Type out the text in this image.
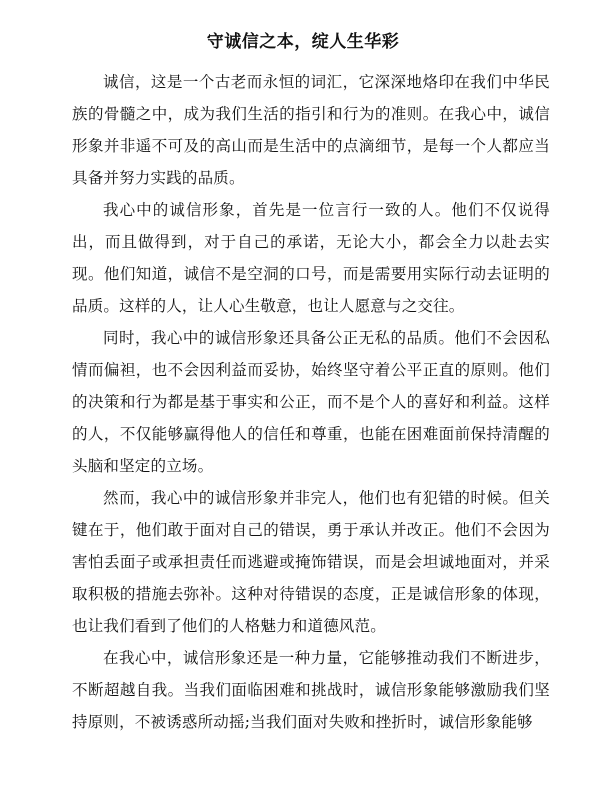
守诚信之本，绽人生华彩

诚信，这是一个古老而永恒的词汇，它深深地烙印在我们中华民族的骨髓之中，成为我们生活的指引和行为的准则。在我心中，诚信形象并非遥不可及的高山而是生活中的点滴细节，是每一个人都应当具备并努力实践的品质。

我心中的诚信形象，首先是一位言行一致的人。他们不仅说得出，而且做得到，对于自己的承诺，无论大小，都会全力以赴去实现。他们知道，诚信不是空洞的口号，而是需要用实际行动去证明的品质。这样的人，让人心生敬意，也让人愿意与之交往。

同时，我心中的诚信形象还具备公正无私的品质。他们不会因私情而偏袒，也不会因利益而妥协，始终坚守着公平正直的原则。他们的决策和行为都是基于事实和公正，而不是个人的喜好和利益。这样的人，不仅能够赢得他人的信任和尊重，也能在困难面前保持清醒的头脑和坚定的立场。

然而，我心中的诚信形象并非完人，他们也有犯错的时候。但关键在于，他们敢于面对自己的错误，勇于承认并改正。他们不会因为害怕丢面子或承担责任而逃避或掩饰错误，而是会坦诚地面对，并采取积极的措施去弥补。这种对待错误的态度，正是诚信形象的体现，也让我们看到了他们的人格魅力和道德风范。

在我心中，诚信形象还是一种力量，它能够推动我们不断进步，不断超越自我。当我们面临困难和挑战时，诚信形象能够激励我们坚持原则，不被诱惑所动摇;当我们面对失败和挫折时，诚信形象能够
